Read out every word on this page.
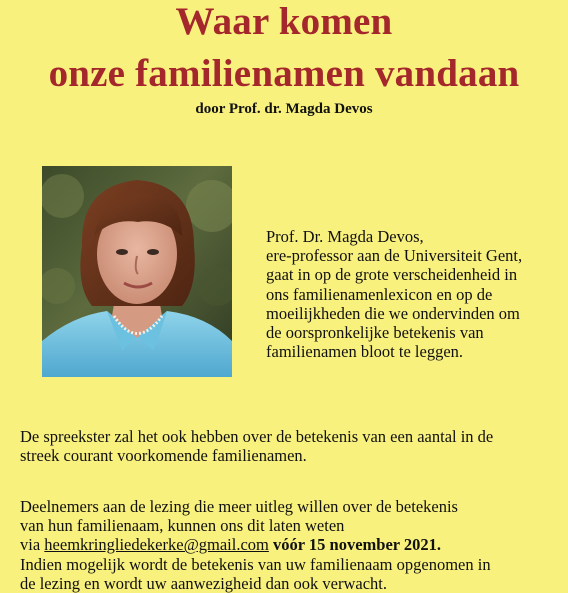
Waar komen
onze familienamen vandaan
door Prof. dr. Magda Devos
Prof. Dr. Magda Devos,
ere-professor aan de Universiteit Gent,
gaat in op de grote verscheidenheid in
ons familienamenlexicon en op de
moeilijkheden die we ondervinden om
de oorspronkelijke betekenis van
familienamen bloot te leggen.
De spreekster zal het ook hebben over de betekenis van een aantal in de
streek courant voorkomende familienamen.
Deelnemers aan de lezing die meer uitleg willen over de betekenis
van hun familienaam, kunnen ons dit laten weten
via heemkringliedekerke@gmail.com vóór 15 november 2021.
Indien mogelijk wordt de betekenis van uw familienaam opgenomen in
de lezing en wordt uw aanwezigheid dan ook verwacht.
